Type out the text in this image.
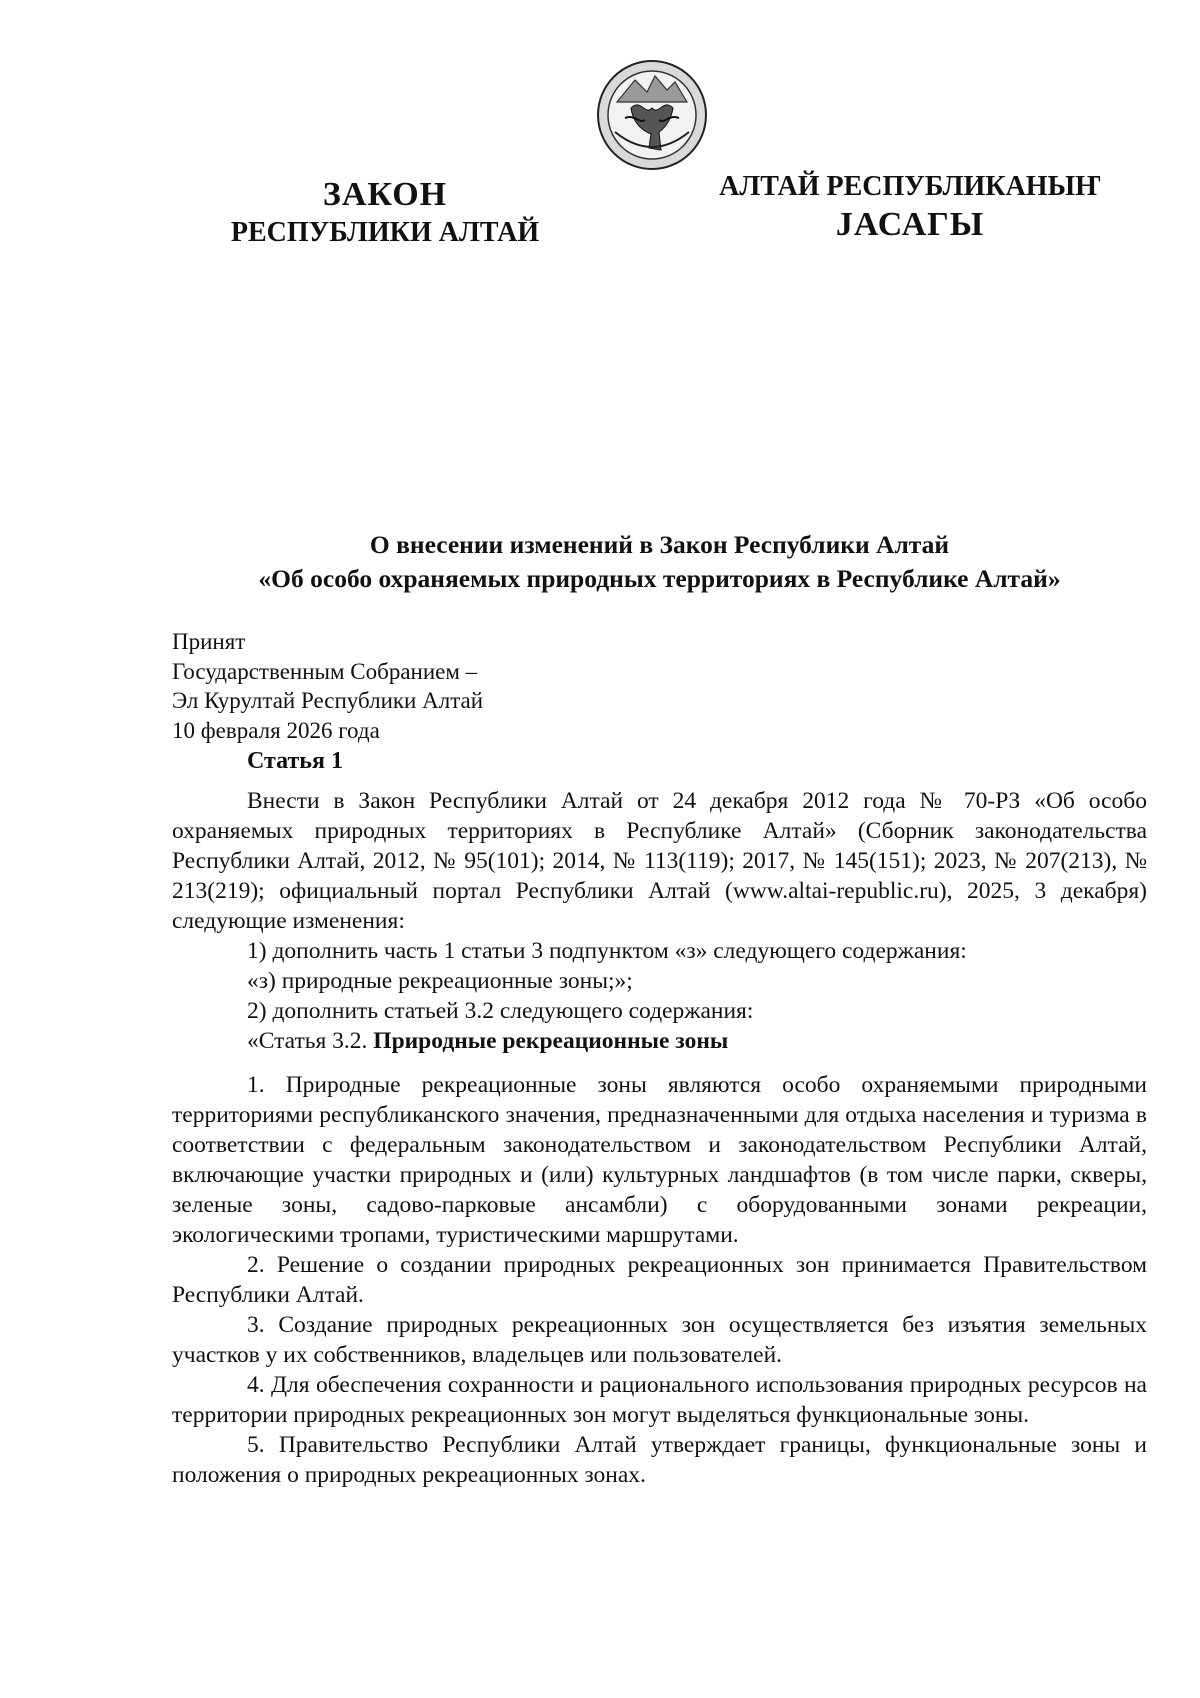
ЗАКОН
РЕСПУБЛИКИ АЛТАЙ
АЛТАЙ РЕСПУБЛИКАНЫҤ
ЈАСАГЫ
О внесении изменений в Закон Республики Алтай
«Об особо охраняемых природных территориях в Республике Алтай»
Принят
Государственным Собранием –
Эл Курултай Республики Алтай
10 февраля 2026 года
Статья 1

Внести в Закон Республики Алтай от 24 декабря 2012 года № 70-РЗ «Об особо охраняемых природных территориях в Республике Алтай» (Сборник законодательства Республики Алтай, 2012, № 95(101); 2014, № 113(119); 2017, № 145(151); 2023, № 207(213), № 213(219); официальный портал Республики Алтай (www.altai-republic.ru), 2025, 3 декабря) следующие изменения:

1) дополнить часть 1 статьи 3 подпунктом «з» следующего содержания:

«з) природные рекреационные зоны;»;

2) дополнить статьей 3.2 следующего содержания:

«Статья 3.2. Природные рекреационные зоны

1. Природные рекреационные зоны являются особо охраняемыми природными территориями республиканского значения, предназначенными для отдыха населения и туризма в соответствии с федеральным законодательством и законодательством Республики Алтай, включающие участки природных и (или) культурных ландшафтов (в том числе парки, скверы, зеленые зоны, садово-парковые ансамбли) с оборудованными зонами рекреации, экологическими тропами, туристическими маршрутами.

2. Решение о создании природных рекреационных зон принимается Правительством Республики Алтай.

3. Создание природных рекреационных зон осуществляется без изъятия земельных участков у их собственников, владельцев или пользователей.

4. Для обеспечения сохранности и рационального использования природных ресурсов на территории природных рекреационных зон могут выделяться функциональные зоны.

5. Правительство Республики Алтай утверждает границы, функциональные зоны и положения о природных рекреационных зонах.
